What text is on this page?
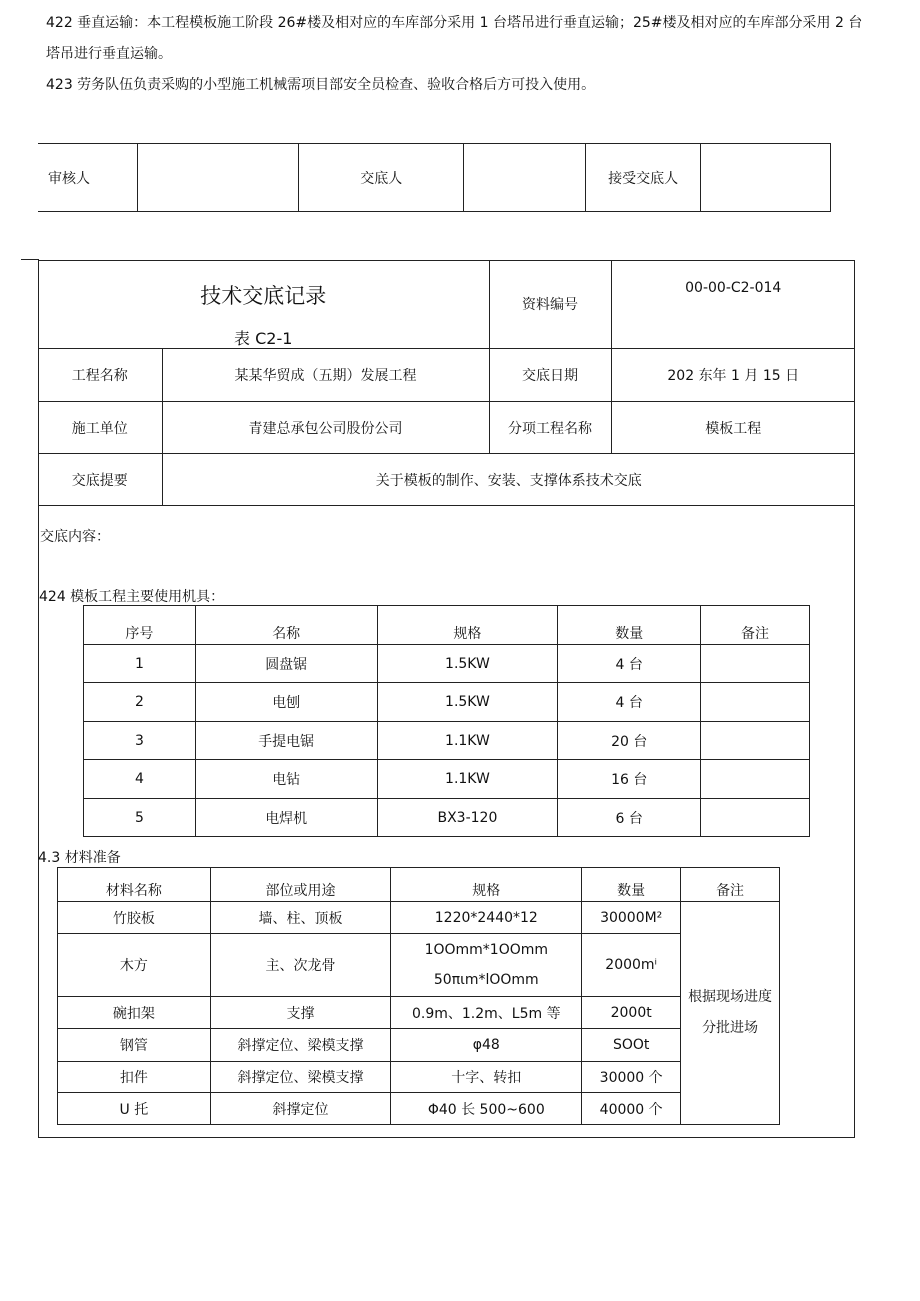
422 垂直运输：本工程模板施工阶段 26#楼及相对应的车库部分采用 1 台塔吊进行垂直运输；25#楼及相对应的车库部分采用 2 台塔吊进行垂直运输。

423 劳务队伍负责采购的小型施工机械需项目部安全员检查、验收合格后方可投入使用。

审核人		交底人		接受交底人	
技术交底记录
表 C2-1		资料编号	00-00-C2-014
工程名称	某某华贸成（五期）发展工程	交底日期	202 东年 1 月 15 日
施工单位	青建总承包公司股份公司	分项工程名称	模板工程
交底提要	关于模板的制作、安装、支撑体系技术交底		
交底内容：
424 模板工程主要使用机具：
序号	名称	规格	数量	备注
1	圆盘锯	1.5KW	4 台	
2	电刨	1.5KW	4 台	
3	手提电锯	1.1KW	20 台	
4	电钻	1.1KW	16 台	
5	电焊机	BX3-120	6 台	
4.3 材料准备
材料名称	部位或用途	规格	数量	备注
竹胶板	墙、柱、顶板	1220*2440*12	30000M²	根据现场进度分批进场
木方	主、次龙骨	1OOmm*1OOmm
50πιm*lOOmm	2000mⁱ	
碗扣架	支撑	0.9m、1.2m、L5m 等	2000t	
钢管	斜撑定位、梁模支撑	φ48	SOOt	
扣件	斜撑定位、梁模支撑	十字、转扣	30000 个	
U 托	斜撑定位	Φ40 长 500~600	40000 个	
